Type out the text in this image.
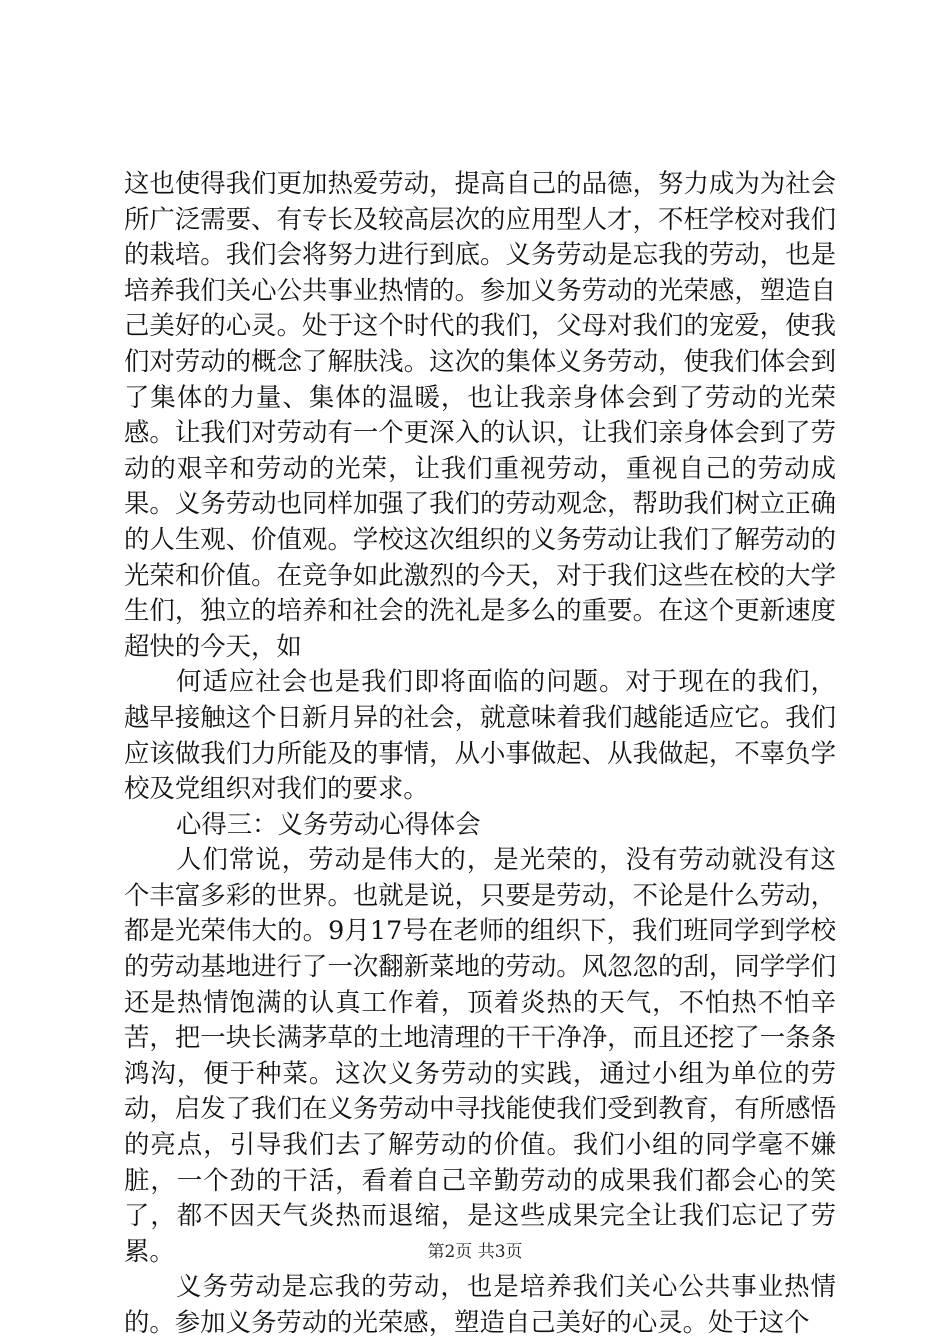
这也使得我们更加热爱劳动，提高自己的品德，努力成为为社会所广泛需要、有专长及较高层次的应用型人才，不枉学校对我们的栽培。我们会将努力进行到底。义务劳动是忘我的劳动，也是培养我们关心公共事业热情的。参加义务劳动的光荣感，塑造自己美好的心灵。处于这个时代的我们，父母对我们的宠爱，使我们对劳动的概念了解肤浅。这次的集体义务劳动，使我们体会到了集体的力量、集体的温暖，也让我亲身体会到了劳动的光荣感。让我们对劳动有一个更深入的认识，让我们亲身体会到了劳动的艰辛和劳动的光荣，让我们重视劳动，重视自己的劳动成果。义务劳动也同样加强了我们的劳动观念，帮助我们树立正确的人生观、价值观。学校这次组织的义务劳动让我们了解劳动的光荣和价值。在竞争如此激烈的今天，对于我们这些在校的大学生们，独立的培养和社会的洗礼是多么的重要。在这个更新速度超快的今天，如

何适应社会也是我们即将面临的问题。对于现在的我们，越早接触这个日新月异的社会，就意味着我们越能适应它。我们应该做我们力所能及的事情，从小事做起、从我做起，不辜负学校及党组织对我们的要求。

心得三：义务劳动心得体会

人们常说，劳动是伟大的，是光荣的，没有劳动就没有这个丰富多彩的世界。也就是说，只要是劳动，不论是什么劳动，都是光荣伟大的。9月17号在老师的组织下，我们班同学到学校的劳动基地进行了一次翻新菜地的劳动。风忽忽的刮，同学学们还是热情饱满的认真工作着，顶着炎热的天气，不怕热不怕辛苦，把一块长满茅草的土地清理的干干净净，而且还挖了一条条鸿沟，便于种菜。这次义务劳动的实践，通过小组为单位的劳动，启发了我们在义务劳动中寻找能使我们受到教育，有所感悟的亮点，引导我们去了解劳动的价值。我们小组的同学毫不嫌脏，一个劲的干活，看着自己辛勤劳动的成果我们都会心的笑了，都不因天气炎热而退缩，是这些成果完全让我们忘记了劳累。

义务劳动是忘我的劳动，也是培养我们关心公共事业热情的。参加义务劳动的光荣感，塑造自己美好的心灵。处于这个

第2页 共3页
